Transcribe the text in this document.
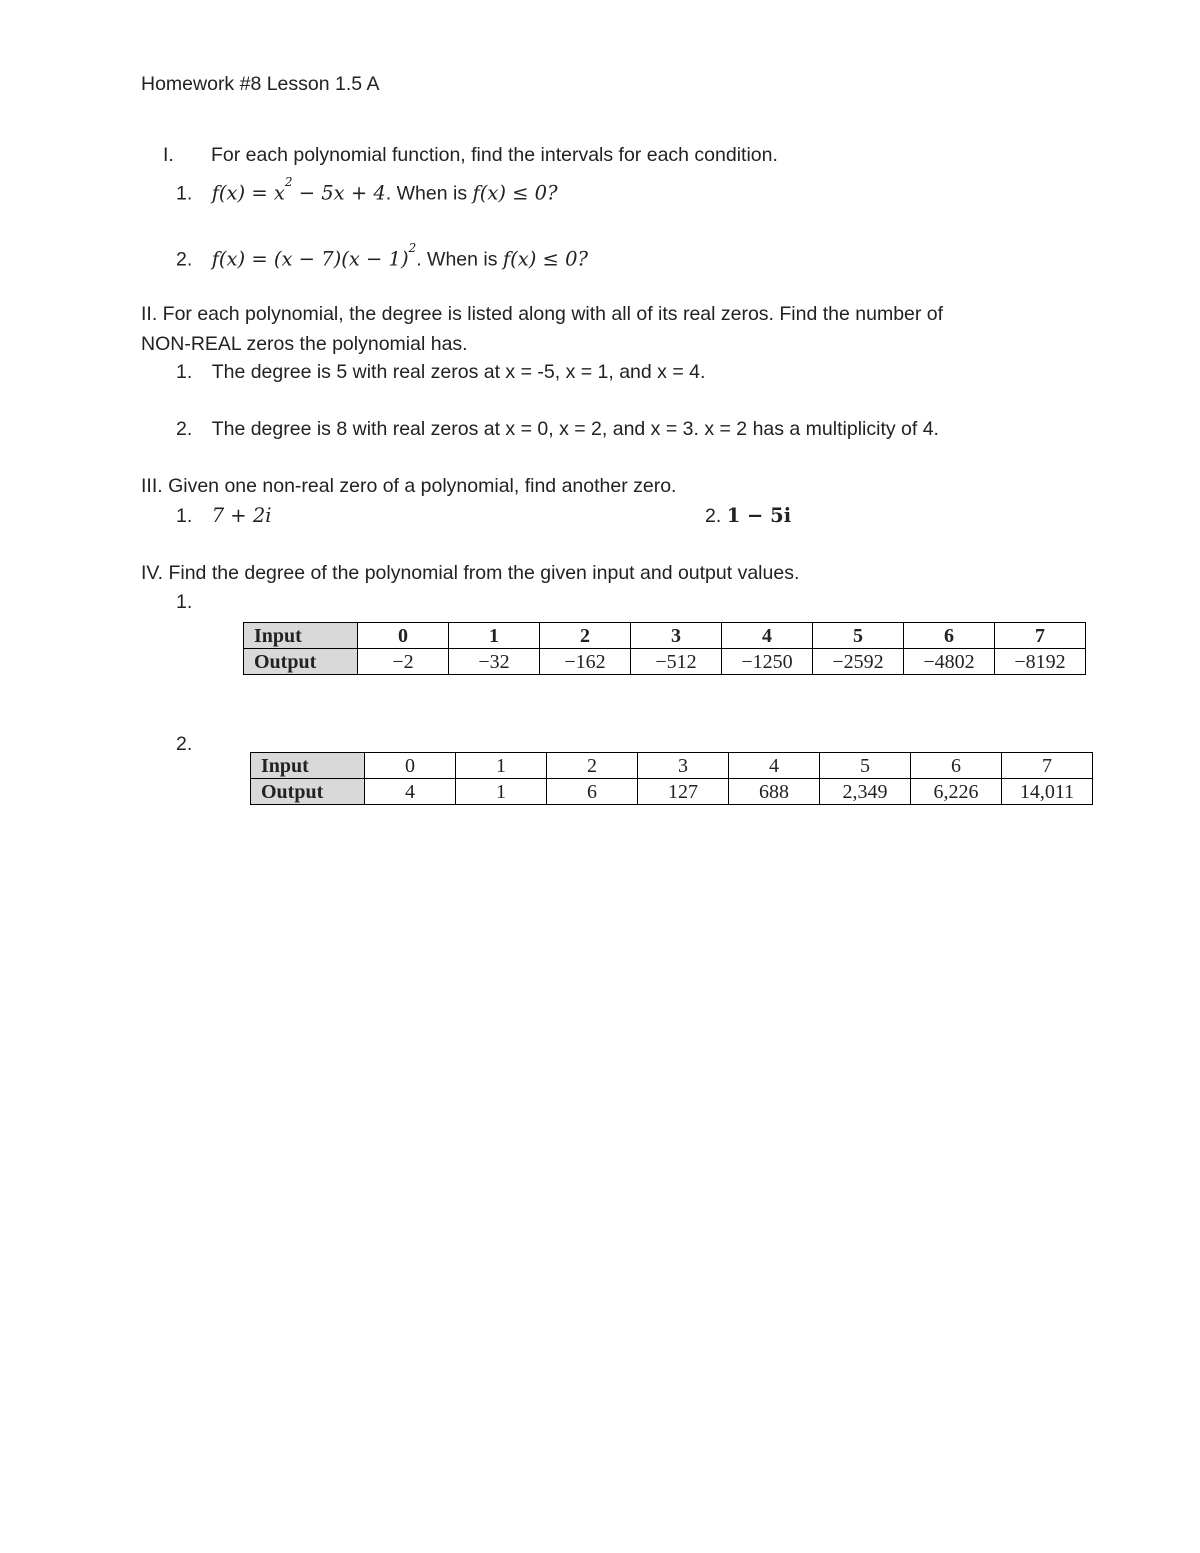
Homework #8 Lesson 1.5 A
I. For each polynomial function, find the intervals for each condition.
1. $f(x) = x^2 - 5x + 4$. When is f(x) ≤ 0?
2. $f(x) = (x - 7)(x - 1)^2$. When is f(x) ≤ 0?
II. For each polynomial, the degree is listed along with all of its real zeros. Find the number of
NON-REAL zeros the polynomial has.
1. The degree is 5 with real zeros at x = -5, x = 1, and x = 4.
2. The degree is 8 with real zeros at x = 0, x = 2, and x = 3. x = 2 has a multiplicity of 4.
III. Given one non-real zero of a polynomial, find another zero.
1. 7 + 2i	2. 1 − 5i
IV. Find the degree of the polynomial from the given input and output values.
1.
Input	0	1	2	3	4	5	6	7
Output	−2	−32	−162	−512	−1250	−2592	−4802	−8192
2.
Input	0	1	2	3	4	5	6	7
Output	4	1	6	127	688	2,349	6,226	14,011
